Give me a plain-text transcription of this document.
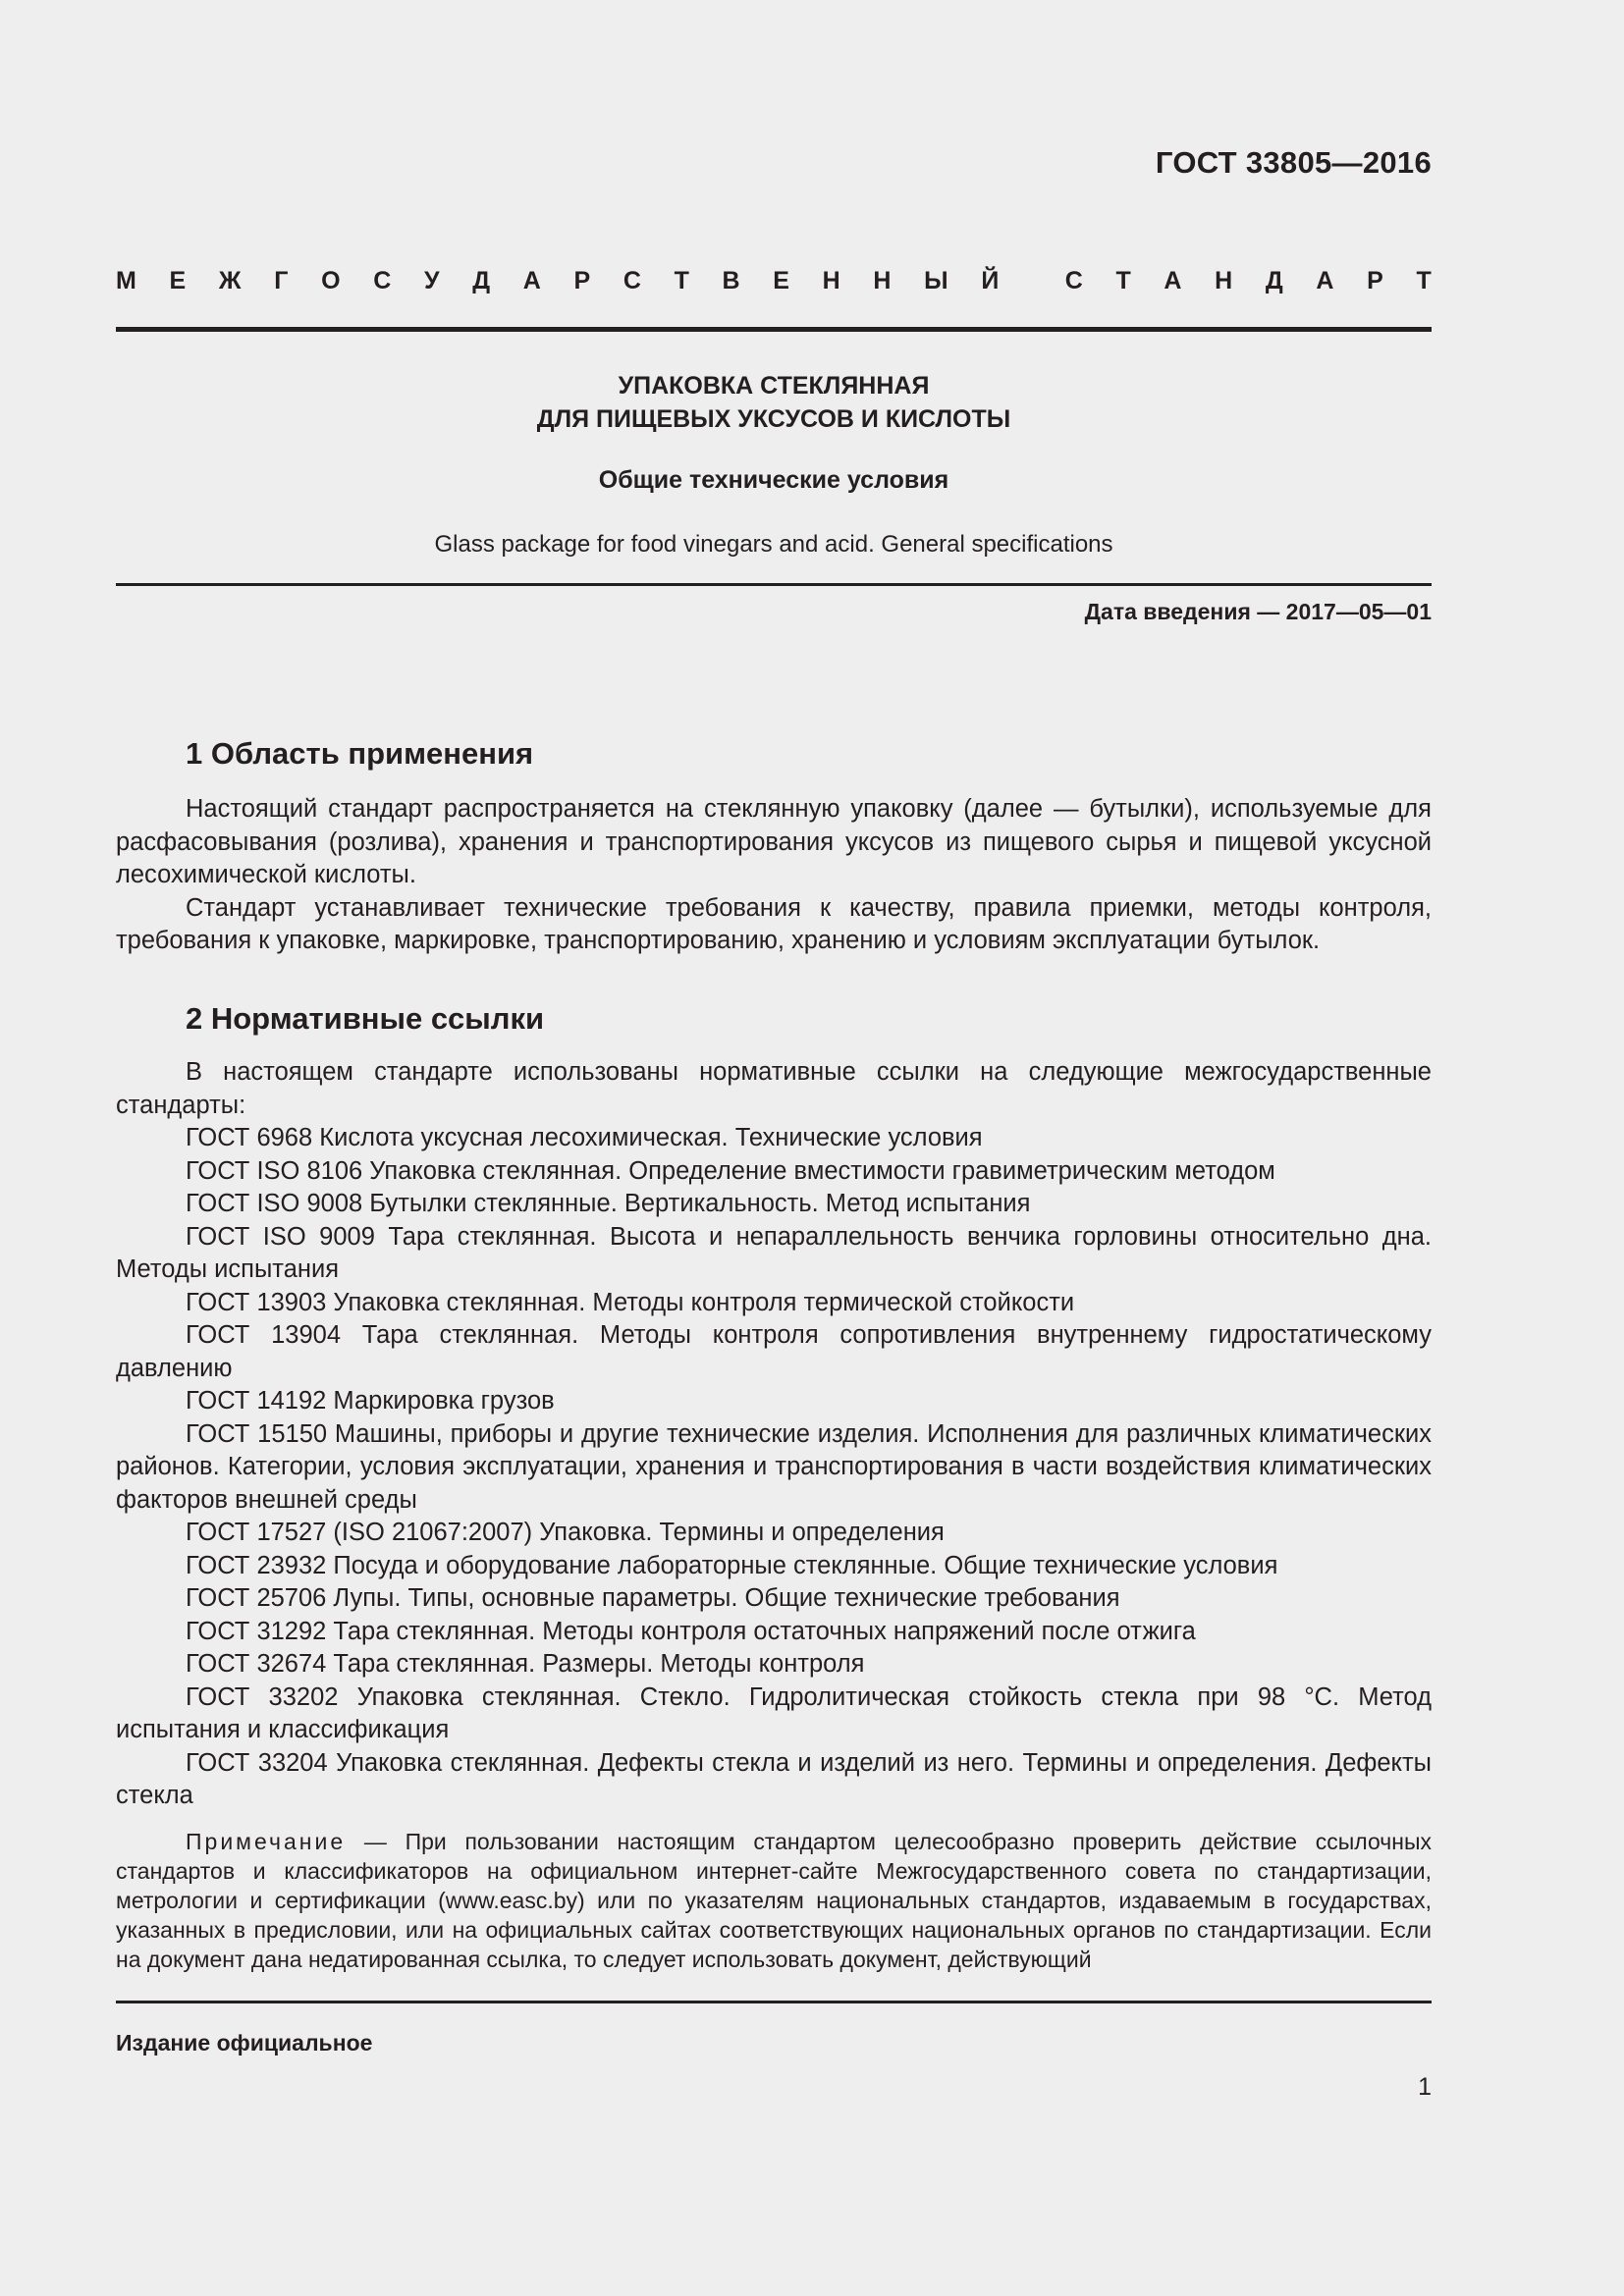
ГОСТ 33805—2016
М Е Ж Г О С У Д А Р С Т В Е Н Н Ы Й	С Т А Н Д А Р Т
УПАКОВКА СТЕКЛЯННАЯ
ДЛЯ ПИЩЕВЫХ УКСУСОВ И КИСЛОТЫ
Общие технические условия
Glass package for food vinegars and acid. General specifications
Дата введения — 2017—05—01
1 Область применения

Настоящий стандарт распространяется на стеклянную упаковку (далее — бутылки), используемые для расфасовывания (розлива), хранения и транспортирования уксусов из пищевого сырья и пищевой уксусной лесохимической кислоты.

Стандарт устанавливает технические требования к качеству, правила приемки, методы контроля, требования к упаковке, маркировке, транспортированию, хранению и условиям эксплуатации бутылок.

2 Нормативные ссылки
В настоящем стандарте использованы нормативные ссылки на следующие межгосударственные стандарты:
ГОСТ 6968 Кислота уксусная лесохимическая. Технические условия
ГОСТ ISO 8106 Упаковка стеклянная. Определение вместимости гравиметрическим методом
ГОСТ ISO 9008 Бутылки стеклянные. Вертикальность. Метод испытания
ГОСТ ISO 9009 Тара стеклянная. Высота и непараллельность венчика горловины относительно дна. Методы испытания
ГОСТ 13903 Упаковка стеклянная. Методы контроля термической стойкости
ГОСТ 13904 Тара стеклянная. Методы контроля сопротивления внутреннему гидростатическому давлению
ГОСТ 14192 Маркировка грузов
ГОСТ 15150 Машины, приборы и другие технические изделия. Исполнения для различных климатических районов. Категории, условия эксплуатации, хранения и транспортирования в части воздействия климатических факторов внешней среды
ГОСТ 17527 (ISO 21067:2007) Упаковка. Термины и определения
ГОСТ 23932 Посуда и оборудование лабораторные стеклянные. Общие технические условия
ГОСТ 25706 Лупы. Типы, основные параметры. Общие технические требования
ГОСТ 31292 Тара стеклянная. Методы контроля остаточных напряжений после отжига
ГОСТ 32674 Тара стеклянная. Размеры. Методы контроля
ГОСТ 33202 Упаковка стеклянная. Стекло. Гидролитическая стойкость стекла при 98 °С. Метод испытания и классификация
ГОСТ 33204 Упаковка стеклянная. Дефекты стекла и изделий из него. Термины и определения. Дефекты стекла
Примечание — При пользовании настоящим стандартом целесообразно проверить действие ссылочных стандартов и классификаторов на официальном интернет-сайте Межгосударственного совета по стандартизации, метрологии и сертификации (www.easc.by) или по указателям национальных стандартов, издаваемым в государствах, указанных в предисловии, или на официальных сайтах соответствующих национальных органов по стандартизации. Если на документ дана недатированная ссылка, то следует использовать документ, действующий
Издание официальное
1
